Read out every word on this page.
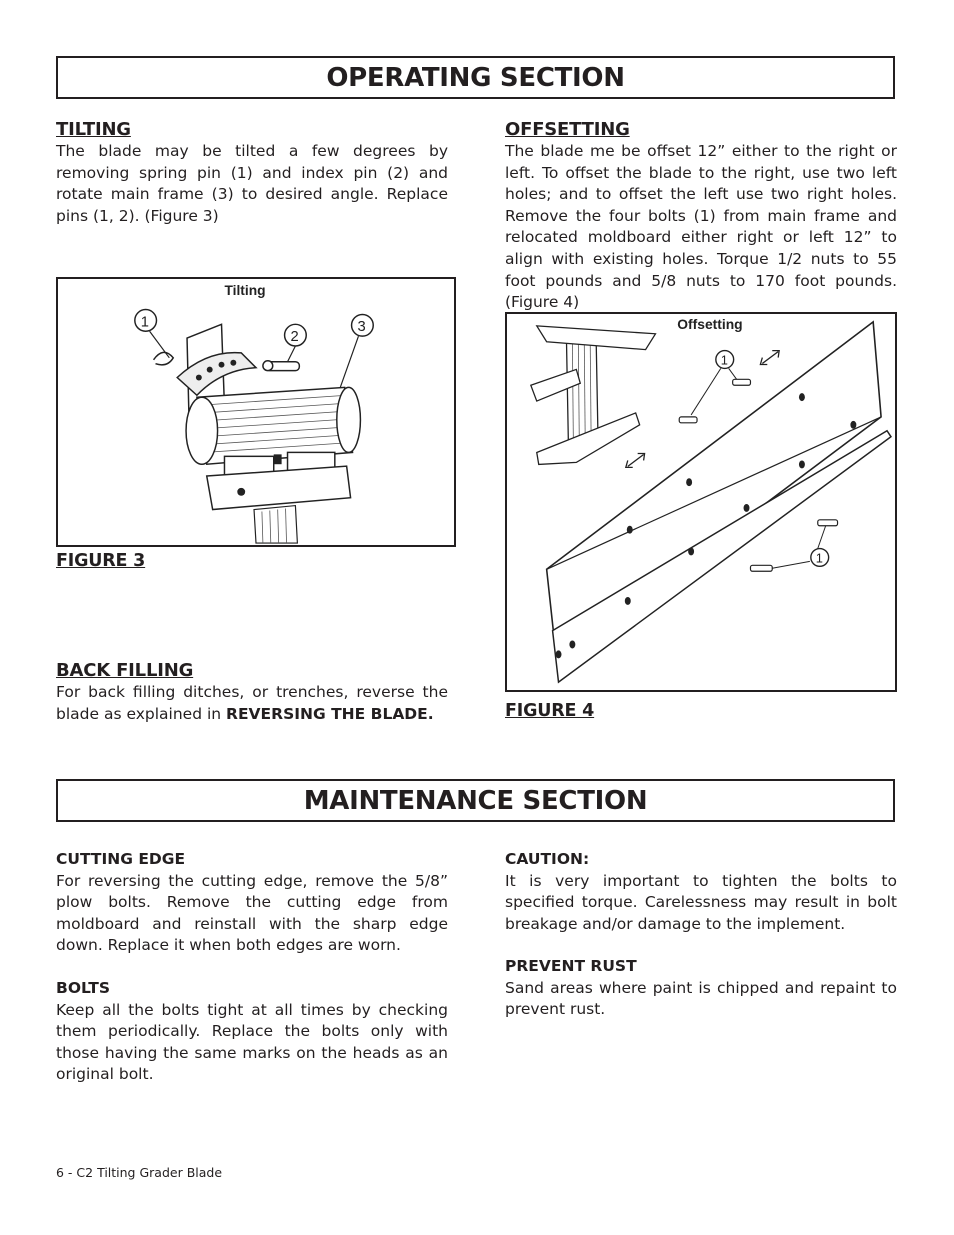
OPERATING SECTION
TILTING

The blade may be tilted a few degrees by removing spring pin (1) and index pin (2) and rotate main frame (3) to desired angle. Replace pins (1, 2). (Figure 3)

Tilting
1
2
3
FIGURE 3
BACK FILLING

For back filling ditches, or trenches, reverse the blade as explained in REVERSING THE BLADE.

OFFSETTING

The blade me be offset 12” either to the right or left. To offset the blade to the right, use two left holes; and to offset the left use two right holes. Remove the four bolts (1) from main frame and relocated moldboard either right or left 12” to align with existing holes. Torque 1/2 nuts to 55 foot pounds and 5/8 nuts to 170 foot pounds. (Figure 4)

Offsetting
1
1
FIGURE 4
MAINTENANCE SECTION
CUTTING EDGE

For reversing the cutting edge, remove the 5/8” plow bolts. Remove the cutting edge from moldboard and reinstall with the sharp edge down. Replace it when both edges are worn.

BOLTS

Keep all the bolts tight at all times by checking them periodically. Replace the bolts only with those having the same marks on the heads as an original bolt.

CAUTION:

It is very important to tighten the bolts to specified torque. Carelessness may result in bolt breakage and/or damage to the implement.

PREVENT RUST

Sand areas where paint is chipped and repaint to prevent rust.

6 - C2 Tilting Grader Blade
